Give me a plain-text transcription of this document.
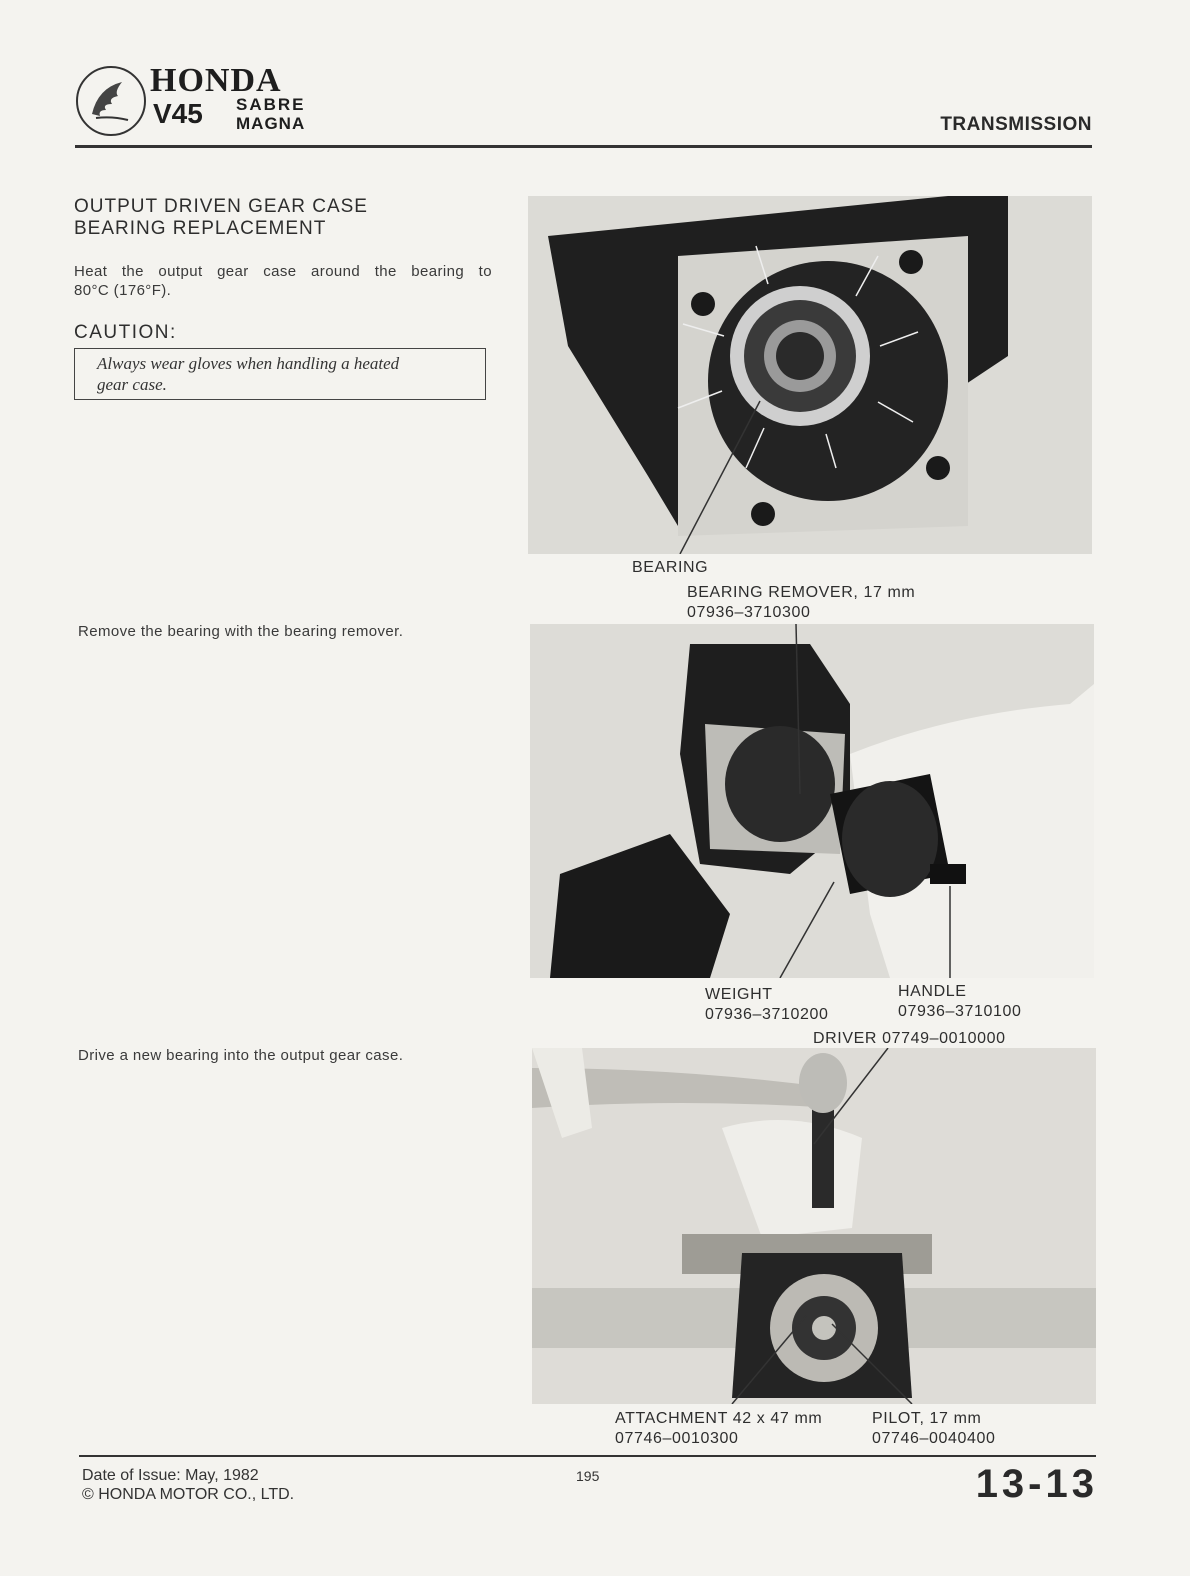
HONDA
V45 SABRE
MAGNA	TRANSMISSION
OUTPUT DRIVEN GEAR CASE
BEARING REPLACEMENT
Heat the output gear case around the bearing to
80°C (176°F).
CAUTION:
Always wear gloves when handling a heated
gear case.
Remove the bearing with the bearing remover.
Drive a new bearing into the output gear case.
BEARING
BEARING REMOVER, 17 mm
07936–3710300
WEIGHT
07936–3710200
HANDLE
07936–3710100
DRIVER 07749–0010000
ATTACHMENT 42 x 47 mm
07746–0010300
PILOT, 17 mm
07746–0040400
Date of Issue: May, 1982
© HONDA MOTOR CO., LTD.
195	13-13
